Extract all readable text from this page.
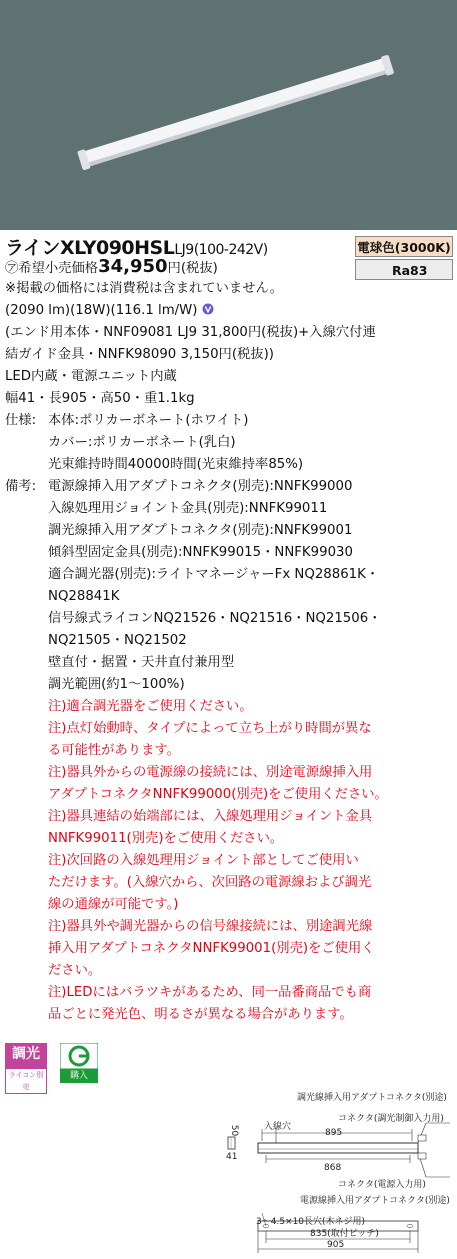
ラインXLY090HSLLJ9(100-242V)	電球色(3000K)
Ra83
㋐希望小売価格34,950円(税抜)
※掲載の価格には消費税は含まれていません。
(2090 lm)(18W)(116.1 lm/W)
(エンド用本体・NNF09081 LJ9 31,800円(税抜)+入線穴付連
結ガイド金具・NNFK98090 3,150円(税抜))
LED内蔵・電源ユニット内蔵
幅41・長905・高50・重1.1kg
仕様: 本体:ポリカーボネート(ホワイト)
カバー:ポリカーボネート(乳白)
光束維持時間40000時間(光束維持率85%)
備考: 電源線挿入用アダプトコネクタ(別売):NNFK99000
入線処理用ジョイント金具(別売):NNFK99011
調光線挿入用アダプトコネクタ(別売):NNFK99001
傾斜型固定金具(別売):NNFK99015・NNFK99030
適合調光器(別売):ライトマネージャーFx NQ28861K・
NQ28841K
信号線式ライコンNQ21526・NQ21516・NQ21506・
NQ21505・NQ21502
壁直付・据置・天井直付兼用型
調光範囲(約1～100%)
注)適合調光器をご使用ください。
注)点灯始動時、タイプによって立ち上がり時間が異な
る可能性があります。
注)器具外からの電源線の接続には、別途電源線挿入用
アダプトコネクタNNFK99000(別売)をご使用ください。
注)器具連結の始端部には、入線処理用ジョイント金具
NNFK99011(別売)をご使用ください。
注)次回路の入線処理用ジョイント部としてご使用い
ただけます。(入線穴から、次回路の電源線および調光
線の通線が可能です。)
注)器具外や調光器からの信号線接続には、別途調光線
挿入用アダプトコネクタNNFK99001(別売)をご使用く
ださい。
注)LEDにはバラツキがあるため、同一品番商品でも商
品ごとに発光色、明るさが異なる場合があります。
調光
ライコン別売
購入
調光線挿入用アダプトコネクタ(別途)
コネクタ(調光制御入力用)
入線穴
895
50
41
868
コネクタ(電源入力用)
電源線挿入用アダプトコネクタ(別途)
3～4.5×10長穴(木ネジ用)
835(取付ピッチ)
905
